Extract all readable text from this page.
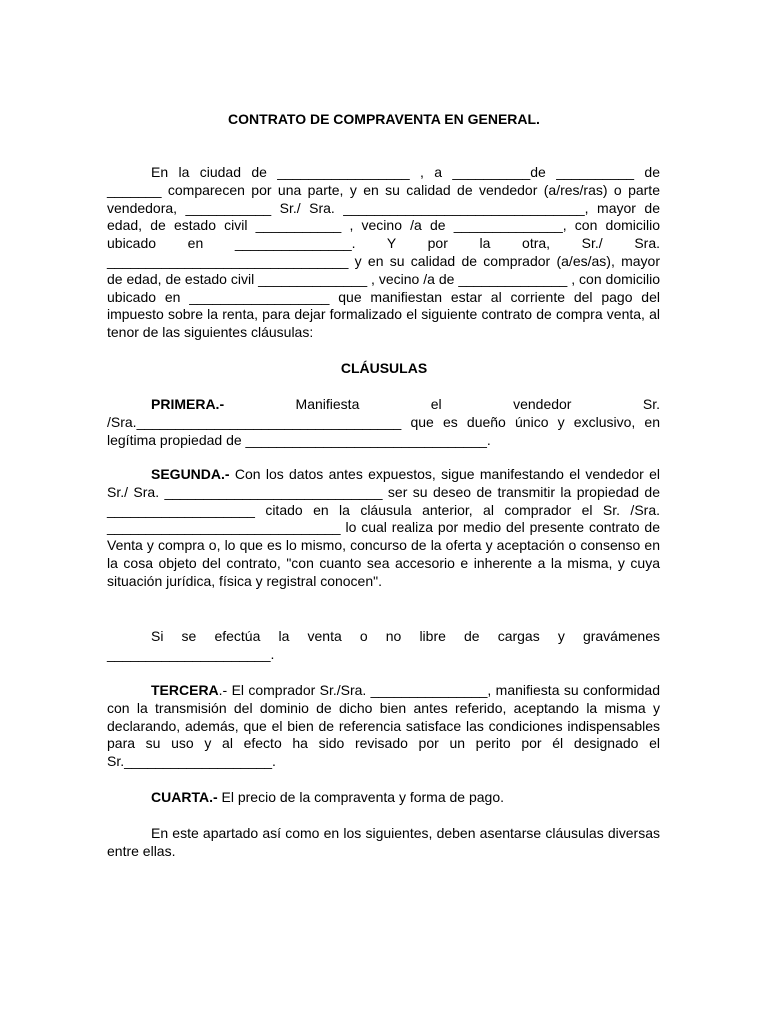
CONTRATO DE COMPRAVENTA EN GENERAL.

En la ciudad de _________________ , a __________de __________ de _______ comparecen por una parte, y en su calidad de vendedor (a/res/ras) o parte vendedora, ___________ Sr./ Sra. _______________________________, mayor de edad, de estado civil ___________ , vecino /a de ______________, con domicilio ubicado en _______________. Y por la otra, Sr./ Sra. _______________________________ y en su calidad de comprador (a/es/as), mayor de edad, de estado civil ______________ , vecino /a de ______________ , con domicilio ubicado en __________________ que manifiestan estar al corriente del pago del impuesto sobre la renta, para dejar formalizado el siguiente contrato de compra venta, al tenor de las siguientes cláusulas:

CLÁUSULAS

PRIMERA.- Manifiesta el vendedor Sr. /Sra.__________________________________ que es dueño único y exclusivo, en legítima propiedad de _______________________________.

SEGUNDA.- Con los datos antes expuestos, sigue manifestando el vendedor el Sr./ Sra. ____________________________ ser su deseo de transmitir la propiedad de ___________________ citado en la cláusula anterior, al comprador el Sr. /Sra. ______________________________ lo cual realiza por medio del presente contrato de Venta y compra o, lo que es lo mismo, concurso de la oferta y aceptación o consenso en la cosa objeto del contrato, "con cuanto sea accesorio e inherente a la misma, y cuya situación jurídica, física y registral conocen".

Si se efectúa la venta o no libre de cargas y gravámenes _____________________.

TERCERA.- El comprador Sr./Sra. _______________, manifiesta su conformidad con la transmisión del dominio de dicho bien antes referido, aceptando la misma y declarando, además, que el bien de referencia satisface las condiciones indispensables para su uso y al efecto ha sido revisado por un perito por él designado el Sr.___________________.

CUARTA.- El precio de la compraventa y forma de pago.

En este apartado así como en los siguientes, deben asentarse cláusulas diversas entre ellas.
